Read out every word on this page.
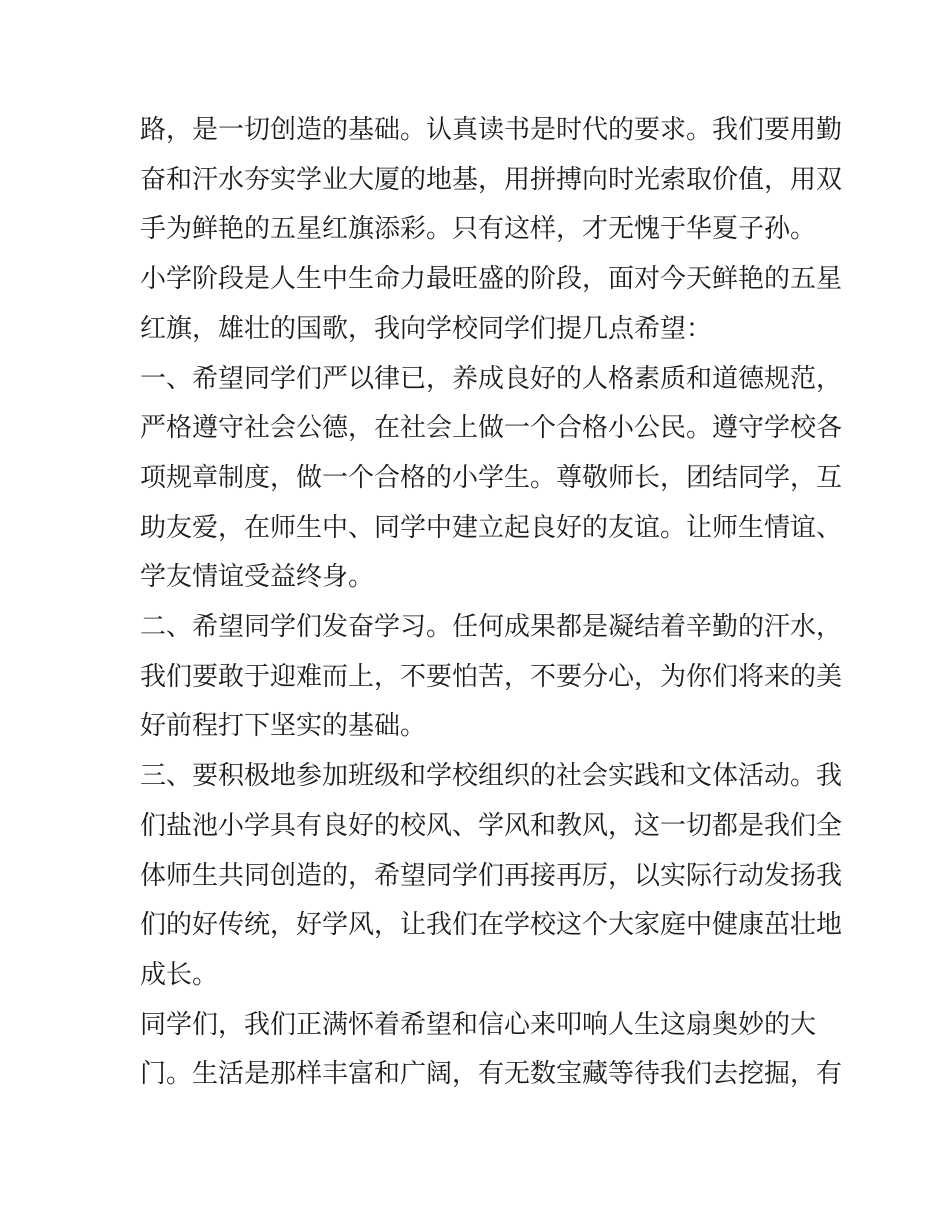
路，是一切创造的基础。认真读书是时代的要求。我们要用勤
奋和汗水夯实学业大厦的地基，用拼搏向时光索取价值，用双
手为鲜艳的五星红旗添彩。只有这样，才无愧于华夏子孙。

小学阶段是人生中生命力最旺盛的阶段，面对今天鲜艳的五星
红旗，雄壮的国歌，我向学校同学们提几点希望：

一、希望同学们严以律已，养成良好的人格素质和道德规范，
严格遵守社会公德，在社会上做一个合格小公民。遵守学校各
项规章制度，做一个合格的小学生。尊敬师长，团结同学，互
助友爱，在师生中、同学中建立起良好的友谊。让师生情谊、
学友情谊受益终身。

二、希望同学们发奋学习。任何成果都是凝结着辛勤的汗水，
我们要敢于迎难而上，不要怕苦，不要分心，为你们将来的美
好前程打下坚实的基础。

三、要积极地参加班级和学校组织的社会实践和文体活动。我
们盐池小学具有良好的校风、学风和教风，这一切都是我们全
体师生共同创造的，希望同学们再接再厉，以实际行动发扬我
们的好传统，好学风，让我们在学校这个大家庭中健康茁壮地
成长。

同学们，我们正满怀着希望和信心来叩响人生这扇奥妙的大
门。生活是那样丰富和广阔，有无数宝藏等待我们去挖掘，有
